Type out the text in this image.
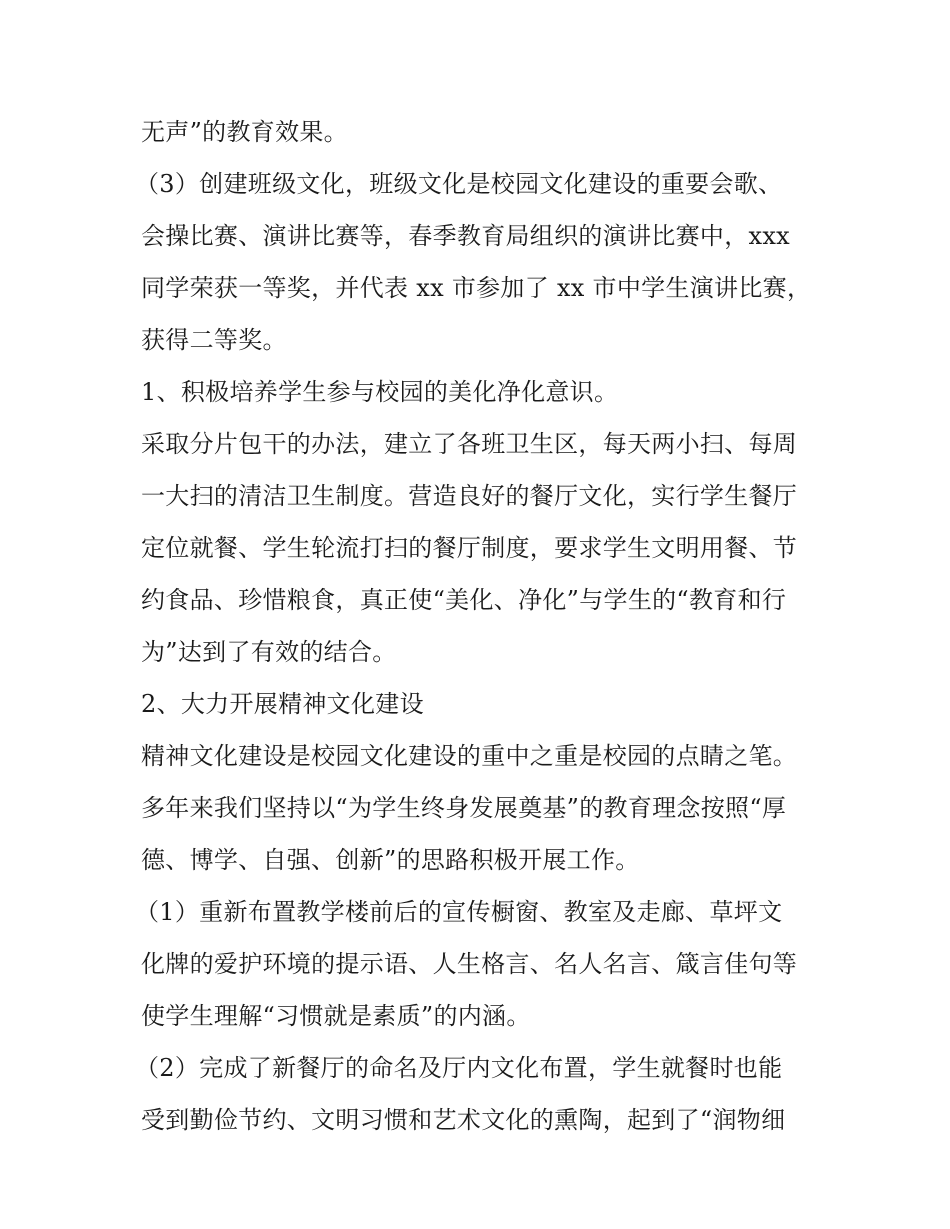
无声”的教育效果。
（3）创建班级文化，班级文化是校园文化建设的重要会歌、
会操比赛、演讲比赛等，春季教育局组织的演讲比赛中，xxx
同学荣获一等奖，并代表 xx 市参加了 xx 市中学生演讲比赛，
获得二等奖。
1、积极培养学生参与校园的美化净化意识。
采取分片包干的办法，建立了各班卫生区，每天两小扫、每周
一大扫的清洁卫生制度。营造良好的餐厅文化，实行学生餐厅
定位就餐、学生轮流打扫的餐厅制度，要求学生文明用餐、节
约食品、珍惜粮食，真正使“美化、净化”与学生的“教育和行
为”达到了有效的结合。
2、大力开展精神文化建设
精神文化建设是校园文化建设的重中之重是校园的点睛之笔。
多年来我们坚持以“为学生终身发展奠基”的教育理念按照“厚
德、博学、自强、创新”的思路积极开展工作。
（1）重新布置教学楼前后的宣传橱窗、教室及走廊、草坪文
化牌的爱护环境的提示语、人生格言、名人名言、箴言佳句等
使学生理解“习惯就是素质”的内涵。
（2）完成了新餐厅的命名及厅内文化布置，学生就餐时也能
受到勤俭节约、文明习惯和艺术文化的熏陶，起到了“润物细
